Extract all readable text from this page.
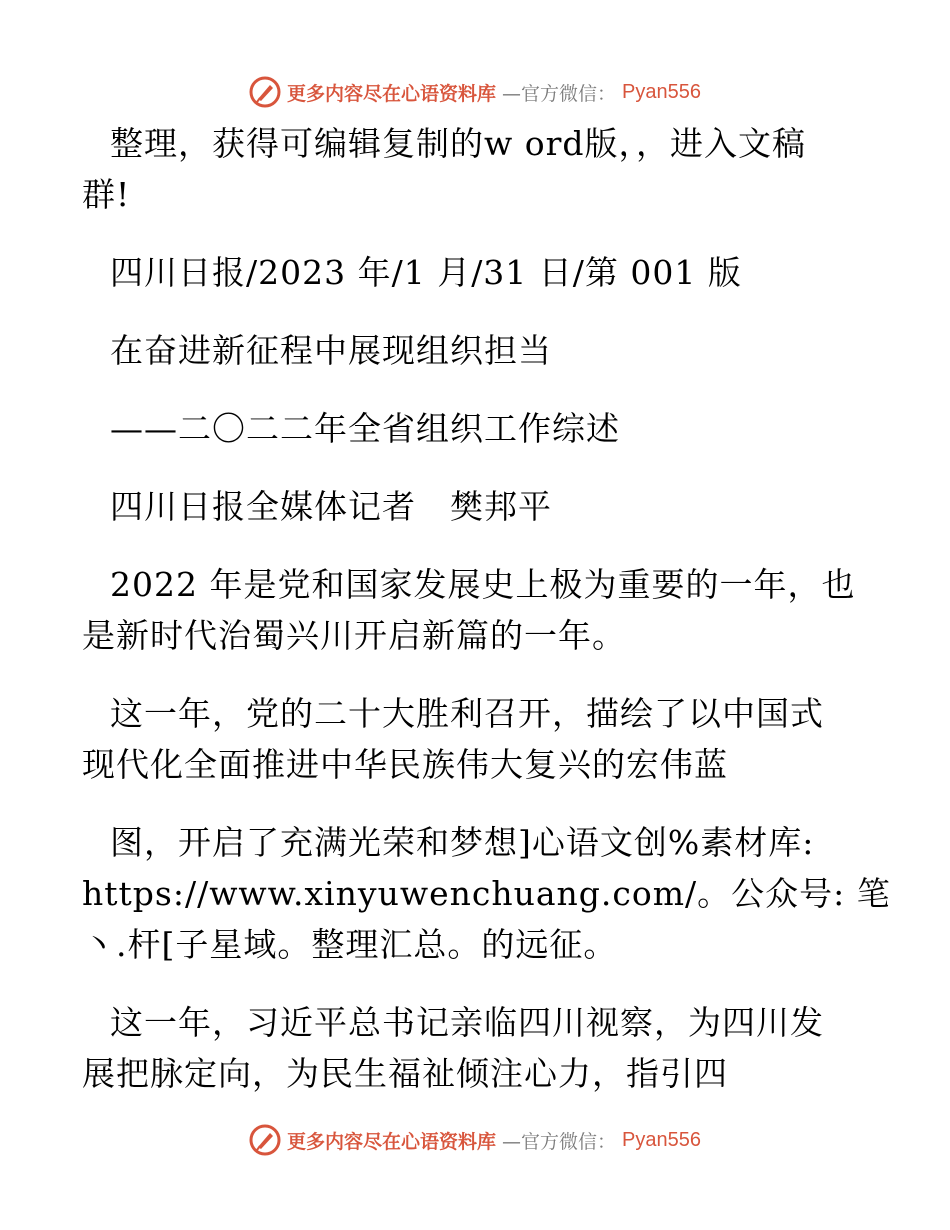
更多内容尽在心语资料库 —官方微信： Pyan556

整理，获得可编辑复制的w ord版，，进入文稿
群!

四川日报/2023 年/1 月/31 日/第 001 版

在奋进新征程中展现组织担当

——二〇二二年全省组织工作综述

四川日报全媒体记者　樊邦平

2022 年是党和国家发展史上极为重要的一年，也
是新时代治蜀兴川开启新篇的一年。

这一年，党的二十大胜利召开，描绘了以中国式
现代化全面推进中华民族伟大复兴的宏伟蓝

图，开启了充满光荣和梦想]心语文创%素材库:
https://www.xinyuwenchuang.com/。公众号: 笔
丶.杆[子星域。整理汇总。的远征。

这一年，习近平总书记亲临四川视察，为四川发
展把脉定向，为民生福祉倾注心力，指引四

更多内容尽在心语资料库 —官方微信： Pyan556
